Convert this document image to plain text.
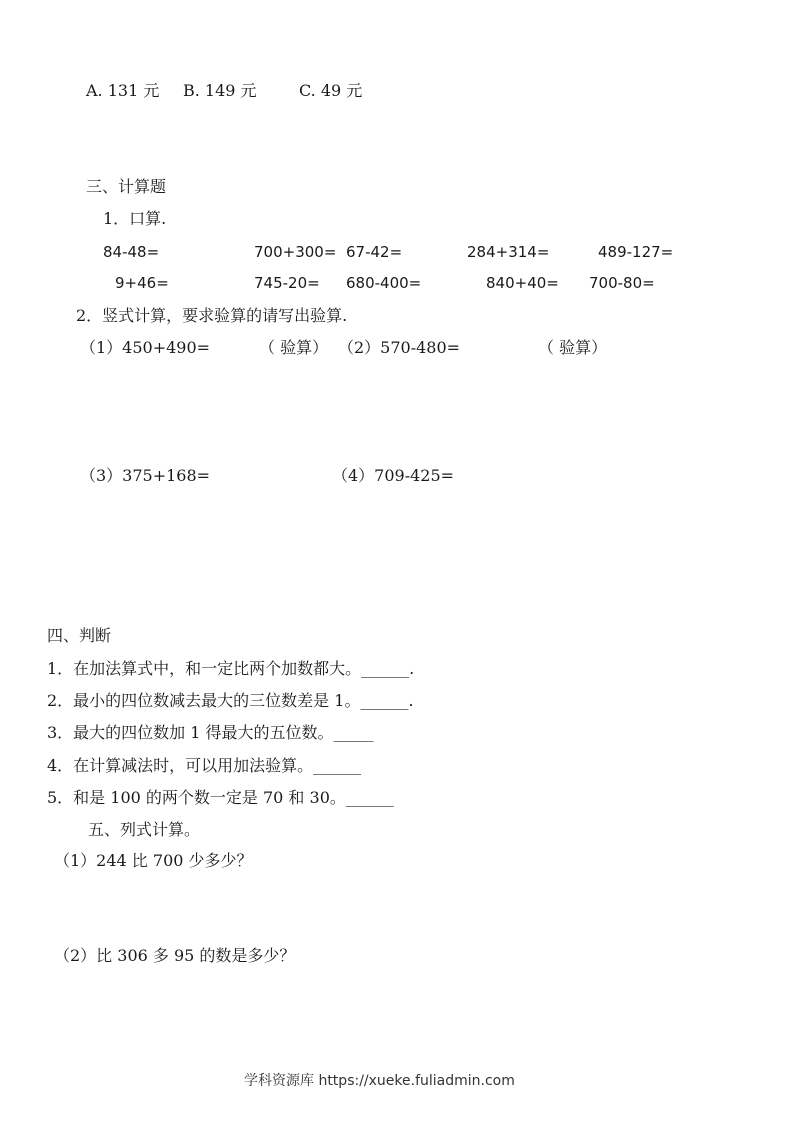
A. 131 元 B. 149 元	C. 49 元
三、计算题
1．口算.
84-48=	700+300= 67-42=	284+314=	489-127=
9+46=	745-20= 680-400=	840+40= 700-80=
2．竖式计算，要求验算的请写出验算.
（1）450+490=	（ 验算） （2）570-480=	（ 验算）
（3）375+168=	（4）709-425=
四、判断
1．在加法算式中，和一定比两个加数都大。______.
2．最小的四位数减去最大的三位数差是 1。______.
3．最大的四位数加 1 得最大的五位数。_____
4．在计算减法时，可以用加法验算。______
5．和是 100 的两个数一定是 70 和 30。______
五、列式计算。
（1）244 比 700 少多少？
（2）比 306 多 95 的数是多少？
学科资源库 https://xueke.fuliadmin.com
